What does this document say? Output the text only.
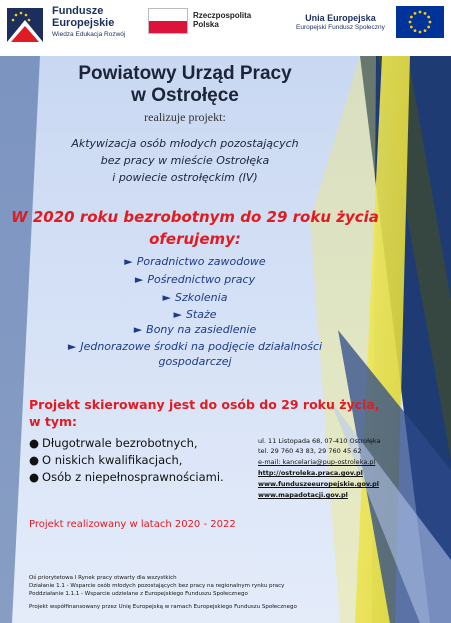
Fundusze
Europejskie
Wiedza Edukacja Rozwój
Rzeczpospolita
Polska
Unia Europejska
Europejski Fundusz Społeczny
Powiatowy Urząd Pracy
w Ostrołęce
realizuje projekt:
Aktywizacja osób młodych pozostających
bez pracy w mieście Ostrołęka
i powiecie ostrołęckim (IV)
W 2020 roku bezrobotnym do 29 roku życia
oferujemy:
► Poradnictwo zawodowe
► Pośrednictwo pracy
► Szkolenia
► Staże
► Bony na zasiedlenie
► Jednorazowe środki na podjęcie działalności
gospodarczej
Projekt skierowany jest do osób do 29 roku życia,
w tym:
● Długotrwale bezrobotnych,
● O niskich kwalifikacjach,
● Osób z niepełnosprawnościami.
ul. 11 Listopada 68, 07-410 Ostrołęka
tel. 29 760 43 83, 29 760 45 62
e-mail: kancelaria@pup-ostroleka.pl
http://ostroleka.praca.gov.pl
www.funduszeeuropejskie.gov.pl
www.mapadotacji.gov.pl
Projekt realizowany w latach 2020 - 2022
Oś priorytetowa I Rynek pracy otwarty dla wszystkich
Działanie 1.1 - Wsparcie osób młodych pozostających bez pracy na regionalnym rynku pracy
Poddziałanie 1.1.1 - Wsparcie udzielane z Europejskiego Funduszu Społecznego
Projekt współfinansowany przez Unię Europejską w ramach Europejskiego Funduszu Społecznego
